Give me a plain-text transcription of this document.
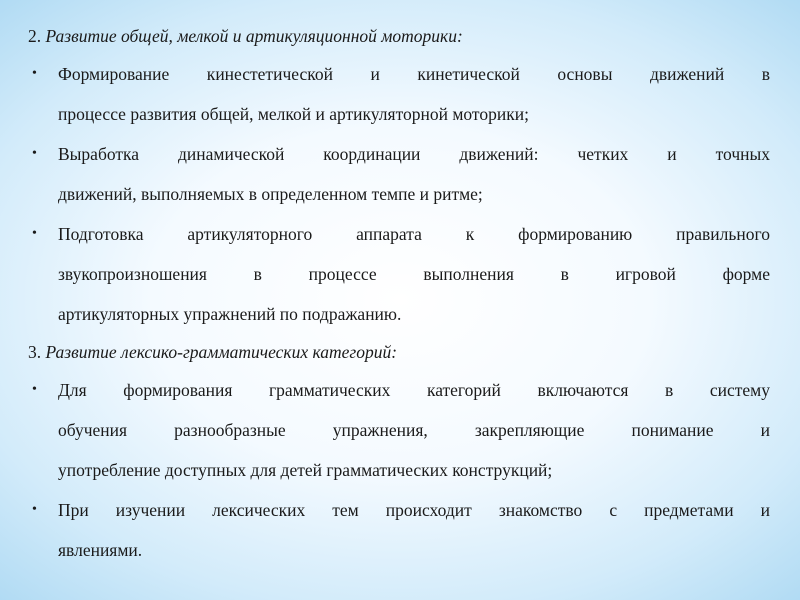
2. Развитие общей, мелкой и артикуляционной моторики:
• Формирование кинестетической и кинетической основы движений в
процессе развития общей, мелкой и артикуляторной моторики;
• Выработка динамической координации движений: четких и точных
движений, выполняемых в определенном темпе и ритме;
• Подготовка артикуляторного аппарата к формированию правильного
звукопроизношения в процессе выполнения в игровой форме
артикуляторных упражнений по подражанию.
3. Развитие лексико-грамматических категорий:
• Для формирования грамматических категорий включаются в систему
обучения разнообразные упражнения, закрепляющие понимание и
употребление доступных для детей грамматических конструкций;
• При изучении лексических тем происходит знакомство с предметами и
явлениями.
